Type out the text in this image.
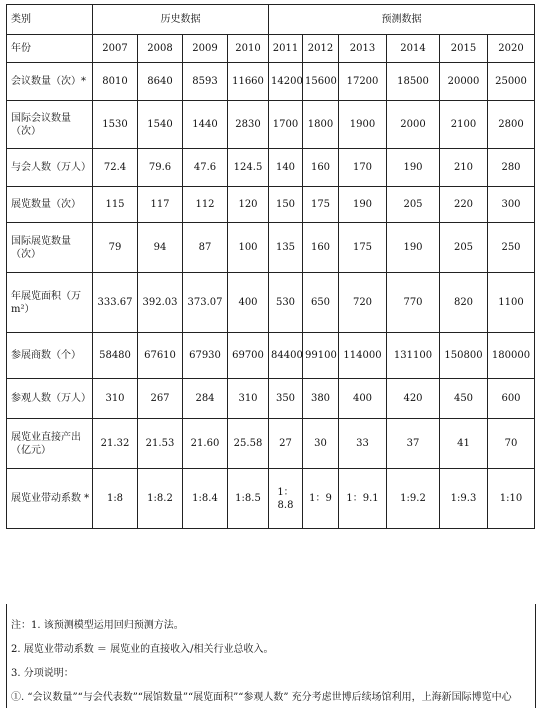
类别	历史数据				预测数据					
年份	2007	2008	2009	2010	2011	2012	2013	2014	2015	2020
会议数量（次）*	8010	8640	8593	11660	14200	15600	17200	18500	20000	25000
国际会议数量（次）	1530	1540	1440	2830	1700	1800	1900	2000	2100	2800
与会人数（万人）	72.4	79.6	47.6	124.5	140	160	170	190	210	280
展览数量（次）	115	117	112	120	150	175	190	205	220	300
国际展览数量（次）	79	94	87	100	135	160	175	190	205	250
年展览面积（万m²）	333.67	392.03	373.07	400	530	650	720	770	820	1100
参展商数（个）	58480	67610	67930	69700	84400	99100	114000	131100	150800	180000
参观人数（万人）	310	267	284	310	350	380	400	420	450	600
展览业直接产出（亿元）	21.32	21.53	21.60	25.58	27	30	33	37	41	70
展览业带动系数 *	1:8	1:8.2	1:8.4	1:8.5	1：8.8	1：9	1：9.1	1:9.2	1:9.3	1:10
注：1. 该预测模型运用回归预测方法。
2. 展览业带动系数 ＝ 展览业的直接收入/相关行业总收入。
3. 分项说明：
①. “会议数量”“与会代表数”“展馆数量”“展览面积”“参观人数” 充分考虑世博后续场馆利用，上海新国际博览中心
